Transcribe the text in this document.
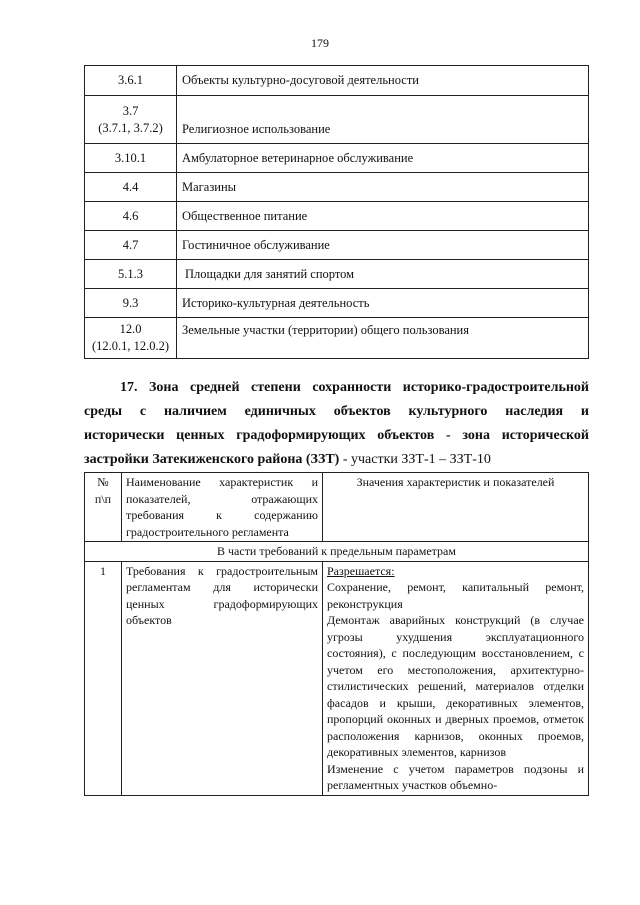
179
3.6.1	Объекты культурно-досуговой деятельности

3.7
(3.7.1, 3.7.2)	Религиозное использование
3.10.1	Амбулаторное ветеринарное обслуживание
4.4	Магазины
4.6	Общественное питание
4.7	Гостиничное обслуживание
5.1.3	Площадки для занятий спортом
9.3	Историко-культурная деятельность

12.0
(12.0.1, 12.0.2)	Земельные участки (территории) общего пользования
17. Зона средней степени сохранности историко-градостроительной
среды с наличием единичных объектов культурного наследия и
исторически ценных градоформирующих объектов - зона исторической
застройки Затекиженского района (ЗЗТ) - участки ЗЗТ-1 – ЗЗТ-10
№
п\п	Наименование характеристик и показателей, отражающих требования к содержанию градостроительного регламента	Значения характеристик и показателей
В части требований к предельным параметрам		
1	Требования к градостроительным регламентам для исторически ценных градоформирующих объектов	Разрешается:
Сохранение, ремонт, капитальный ремонт, реконструкция
Демонтаж аварийных конструкций (в случае угрозы ухудшения эксплуатационного состояния), с последующим восстановлением, с учетом его местоположения, архитектурно-стилистических решений, материалов отделки фасадов и крыши, декоративных элементов, пропорций оконных и дверных проемов, отметок расположения карнизов, оконных проемов, декоративных элементов, карнизов
Изменение с учетом параметров подзоны и регламентных участков объемно-
